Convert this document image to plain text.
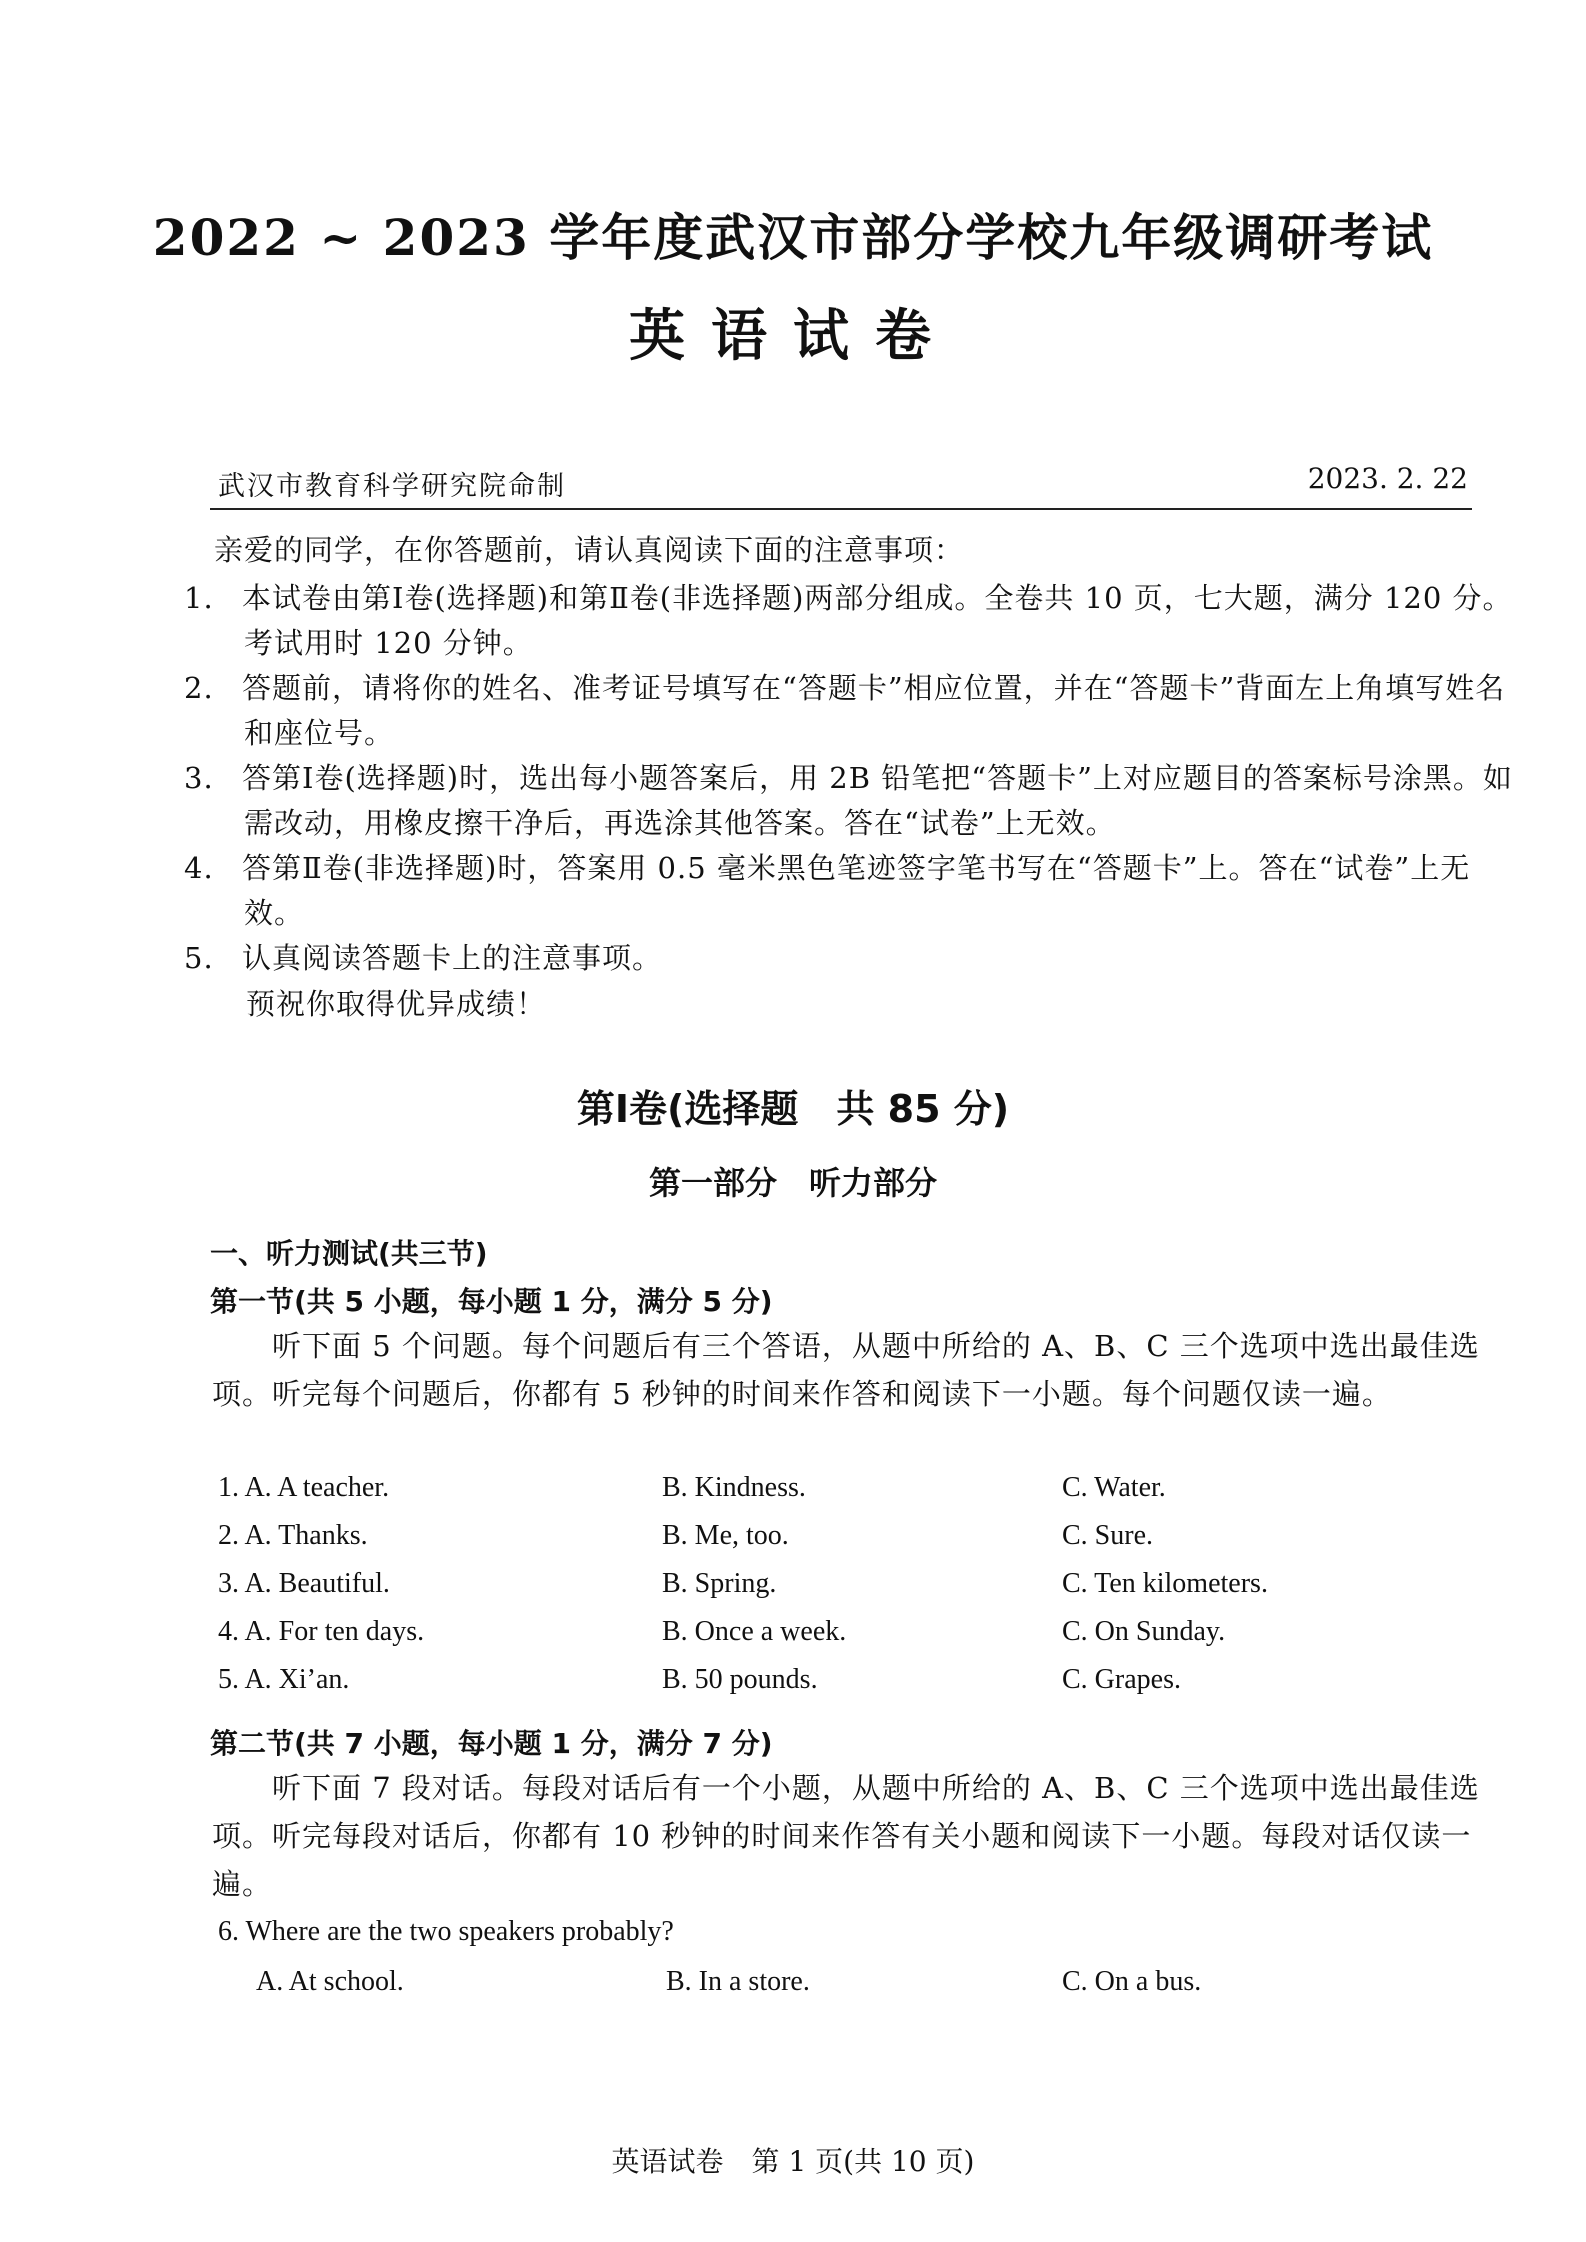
2022 ~ 2023 学年度武汉市部分学校九年级调研考试
英语试卷
武汉市教育科学研究院命制	2023. 2. 22
亲爱的同学，在你答题前，请认真阅读下面的注意事项：
1. 本试卷由第Ⅰ卷(选择题)和第Ⅱ卷(非选择题)两部分组成。全卷共 10 页，七大题，满分 120 分。考试用时 120 分钟。
2. 答题前，请将你的姓名、准考证号填写在“答题卡”相应位置，并在“答题卡”背面左上角填写姓名和座位号。
3. 答第Ⅰ卷(选择题)时，选出每小题答案后，用 2B 铅笔把“答题卡”上对应题目的答案标号涂黑。如需改动，用橡皮擦干净后，再选涂其他答案。答在“试卷”上无效。
4. 答第Ⅱ卷(非选择题)时，答案用 0.5 毫米黑色笔迹签字笔书写在“答题卡”上。答在“试卷”上无效。
5. 认真阅读答题卡上的注意事项。
预祝你取得优异成绩！
第Ⅰ卷(选择题　共 85 分)
第一部分　听力部分
一、听力测试(共三节)
第一节(共 5 小题，每小题 1 分，满分 5 分)
听下面 5 个问题。每个问题后有三个答语，从题中所给的 A、B、C 三个选项中选出最佳选项。听完每个问题后，你都有 5 秒钟的时间来作答和阅读下一小题。每个问题仅读一遍。
1. A. A teacher.	B. Kindness.	C. Water.
2. A. Thanks.	B. Me, too.	C. Sure.
3. A. Beautiful.	B. Spring.	C. Ten kilometers.
4. A. For ten days.	B. Once a week.	C. On Sunday.
5. A. Xi’an.	B. 50 pounds.	C. Grapes.
第二节(共 7 小题，每小题 1 分，满分 7 分)
听下面 7 段对话。每段对话后有一个小题，从题中所给的 A、B、C 三个选项中选出最佳选项。听完每段对话后，你都有 10 秒钟的时间来作答有关小题和阅读下一小题。每段对话仅读一遍。
6. Where are the two speakers probably?
A. At school.	B. In a store.	C. On a bus.
英语试卷　第 1 页(共 10 页)
